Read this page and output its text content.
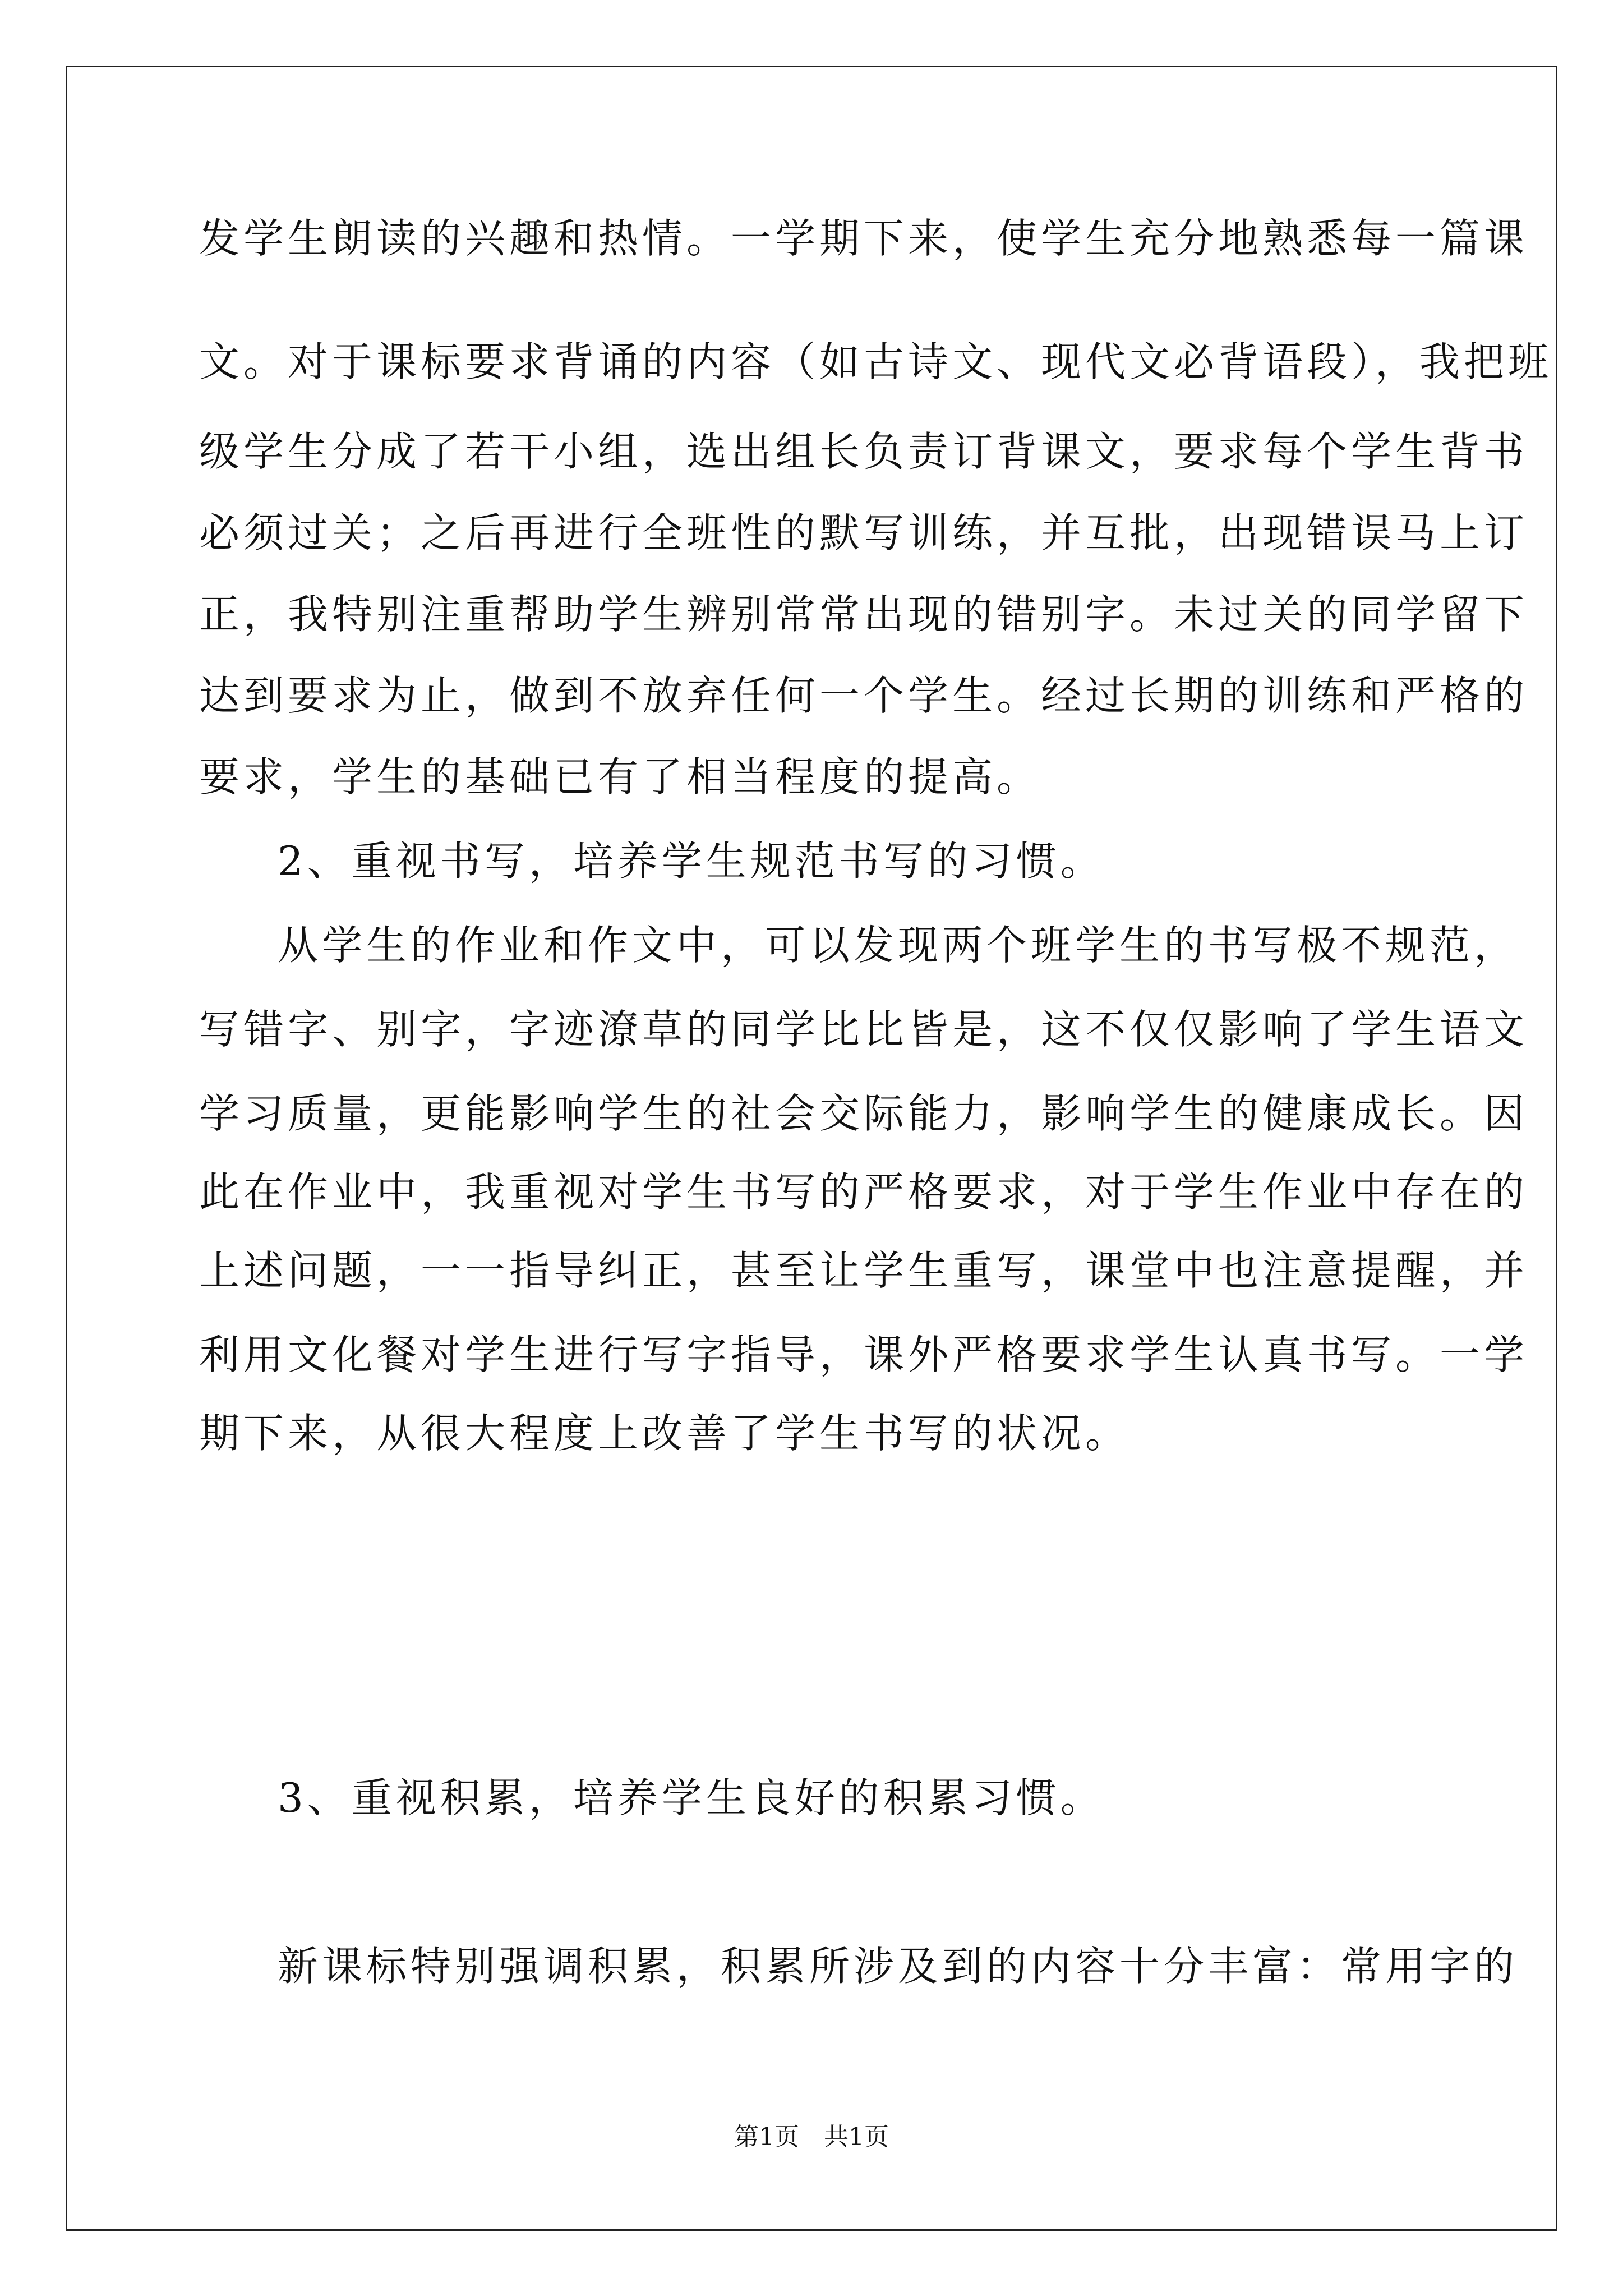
发学生朗读的兴趣和热情。一学期下来，使学生充分地熟悉每一篇课
文。对于课标要求背诵的内容（如古诗文、现代文必背语段），我把班
级学生分成了若干小组，选出组长负责订背课文，要求每个学生背书
必须过关；之后再进行全班性的默写训练，并互批，出现错误马上订
正，我特别注重帮助学生辨别常常出现的错别字。未过关的同学留下
达到要求为止，做到不放弃任何一个学生。经过长期的训练和严格的
要求，学生的基础已有了相当程度的提高。
2、重视书写，培养学生规范书写的习惯。
从学生的作业和作文中，可以发现两个班学生的书写极不规范，
写错字、别字，字迹潦草的同学比比皆是，这不仅仅影响了学生语文
学习质量，更能影响学生的社会交际能力，影响学生的健康成长。因
此在作业中，我重视对学生书写的严格要求，对于学生作业中存在的
上述问题，一一指导纠正，甚至让学生重写，课堂中也注意提醒，并
利用文化餐对学生进行写字指导，课外严格要求学生认真书写。一学
期下来，从很大程度上改善了学生书写的状况。
3、重视积累，培养学生良好的积累习惯。
新课标特别强调积累，积累所涉及到的内容十分丰富：常用字的
第1页　共1页
